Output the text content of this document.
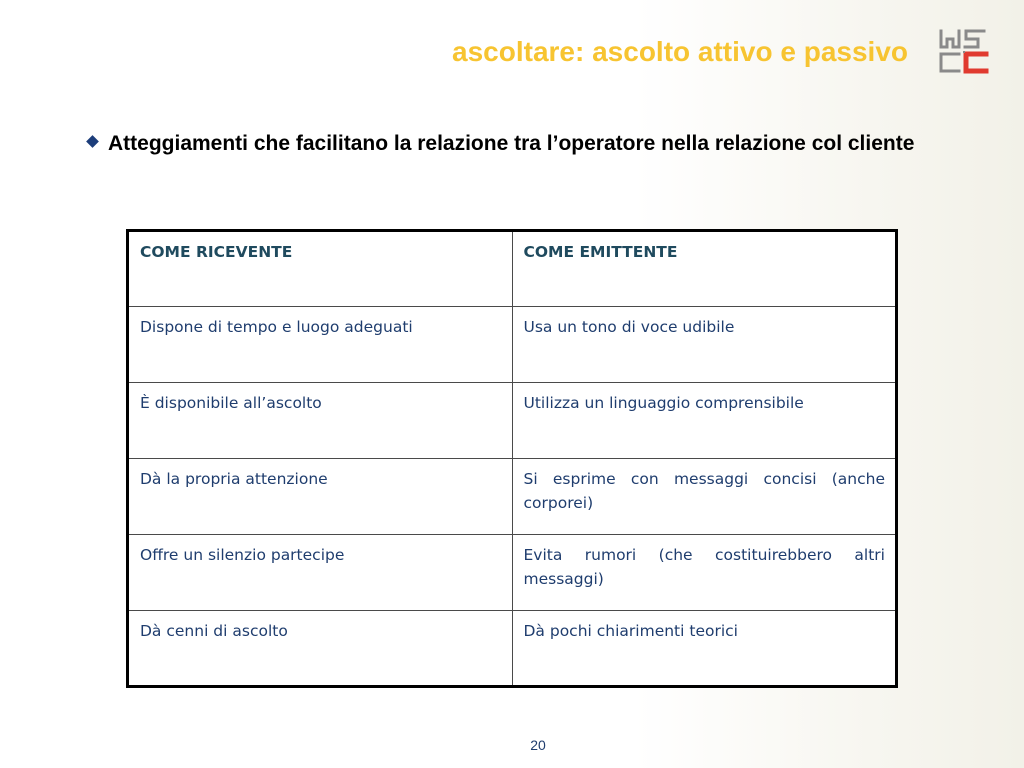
ascoltare: ascolto attivo e passivo
Atteggiamenti che facilitano la relazione tra l’operatore nella relazione col cliente
COME RICEVENTE	COME EMITTENTE
Dispone di tempo e luogo adeguati	Usa un tono di voce udibile
È disponibile all’ascolto	Utilizza un linguaggio comprensibile
Dà la propria attenzione	Si esprime con messaggi concisi (anche corporei)
Offre un silenzio partecipe	Evita rumori (che costituirebbero altri messaggi)
Dà cenni di ascolto	Dà pochi chiarimenti teorici
20
